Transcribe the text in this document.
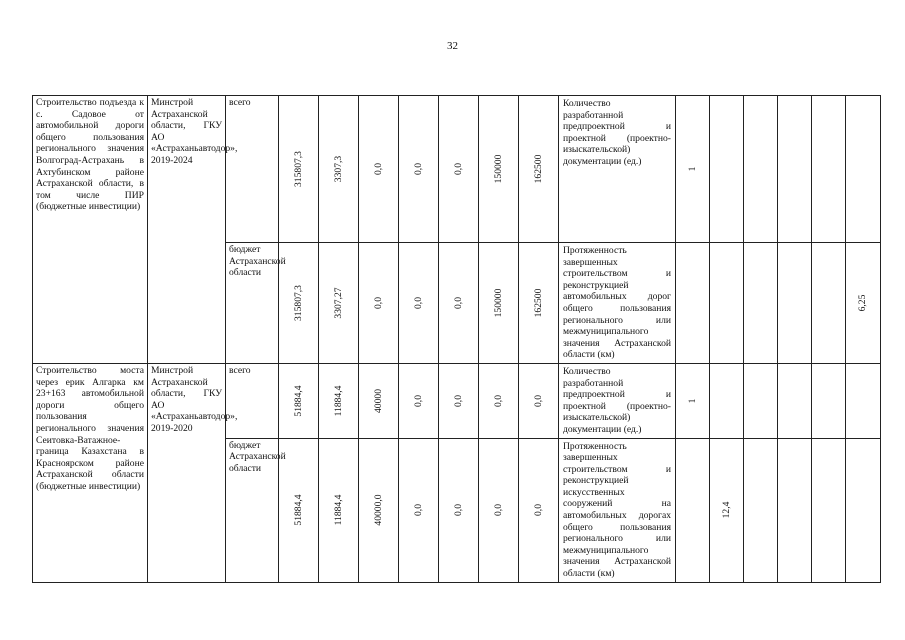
32
Строительство подъезда к с. Садовое от автомобильной дороги общего пользования регионального значения Волгоград-Астрахань в Ахтубинском районе Астраханской области, в том числе ПИР (бюджетные инвестиции)	Минстрой Астраханской области, ГКУ АО «Астраханьавтодор», 2019-2024	всего	315807,3	3307,3	0,0	0,0	0,0	150000	162500	Количество разработанной предпроектной и проектной (проектно-изыскательской) документации (ед.)	1					

		бюджет Астраханской области	315807,3	3307,27	0,0	0,0	0,0	150000	162500	Протяженность завершенных строительством и реконструкцией автомобильных дорог общего пользования регионального или межмуниципального значения Астраханской области (км)						6,25

Строительство моста через ерик Алгарка км 23+163 автомобильной дороги общего пользования регионального значения Сеитовка-Ватажное-граница Казахстана в Красноярском районе Астраханской области (бюджетные инвестиции)	Минстрой Астраханской области, ГКУ АО «Астраханьавтодор», 2019-2020	всего	51884,4	11884,4	40000	0,0	0,0	0,0	0,0	Количество разработанной предпроектной и проектной (проектно-изыскательской) документации (ед.)	1					

		бюджет Астраханской области	51884,4	11884,4	40000,0	0,0	0,0	0,0	0,0	Протяженность завершенных строительством и реконструкцией искусственных сооружений на автомобильных дорогах общего пользования регионального или межмуниципального значения Астраханской области (км)		12,4				
